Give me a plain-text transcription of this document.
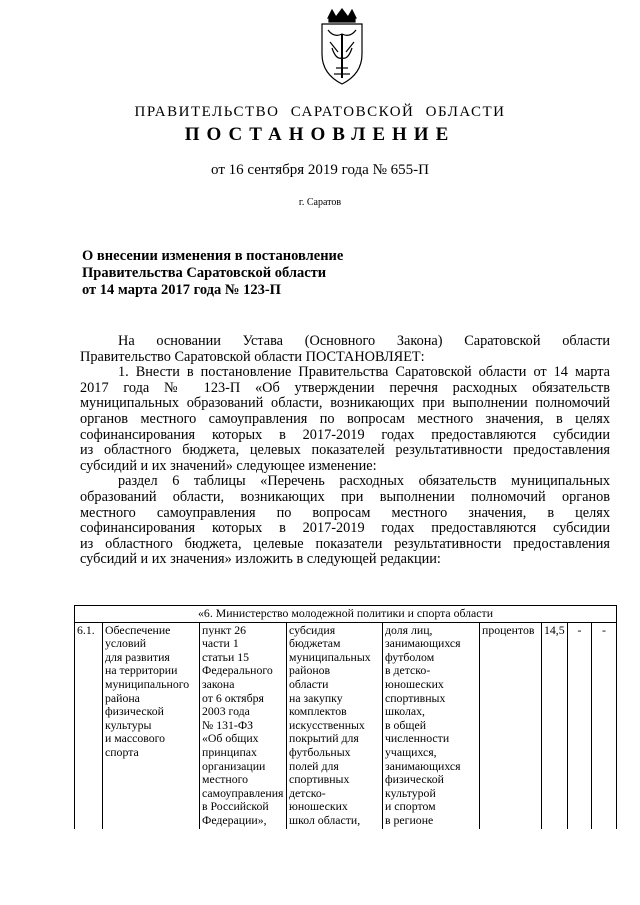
ПРАВИТЕЛЬСТВО САРАТОВСКОЙ ОБЛАСТИ
ПОСТАНОВЛЕНИЕ
от 16 сентября 2019 года № 655-П
г. Саратов
О внесении изменения в постановление
Правительства Саратовской области
от 14 марта 2017 года № 123-П

На основании Устава (Основного Закона) Саратовской области
Правительство Саратовской области ПОСТАНОВЛЯЕТ:

1. Внести в постановление Правительства Саратовской области от 14 марта
2017 года № 123-П «Об утверждении перечня расходных обязательств
муниципальных образований области, возникающих при выполнении полномочий
органов местного самоуправления по вопросам местного значения, в целях
софинансирования которых в 2017-2019 годах предоставляются субсидии
из областного бюджета, целевых показателей результативности предоставления
субсидий и их значений» следующее изменение:

раздел 6 таблицы «Перечень расходных обязательств муниципальных
образований области, возникающих при выполнении полномочий органов
местного самоуправления по вопросам местного значения, в целях
софинансирования которых в 2017-2019 годах предоставляются субсидии
из областного бюджета, целевые показатели результативности предоставления
субсидий и их значения» изложить в следующей редакции:

«6. Министерство молодежной политики и спорта области
6.1.	Обеспечение
условий
для развития
на территории
муниципального
района
физической
культуры
и массового
спорта

пункт 26
части 1
статьи 15
Федерального
закона
от 6 октября
2003 года
№ 131-ФЗ
«Об общих
принципах
организации
местного
самоуправления
в Российской
Федерации»,

субсидия
бюджетам
муниципальных
районов
области
на закупку
комплектов
искусственных
покрытий для
футбольных
полей для
спортивных
детско-
юношеских
школ области,

доля лиц,
занимающихся
футболом
в детско-
юношеских
спортивных
школах,
в общей
численности
учащихся,
занимающихся
физической
культурой
и спортом
в регионе
	процентов	14,5	-	-
